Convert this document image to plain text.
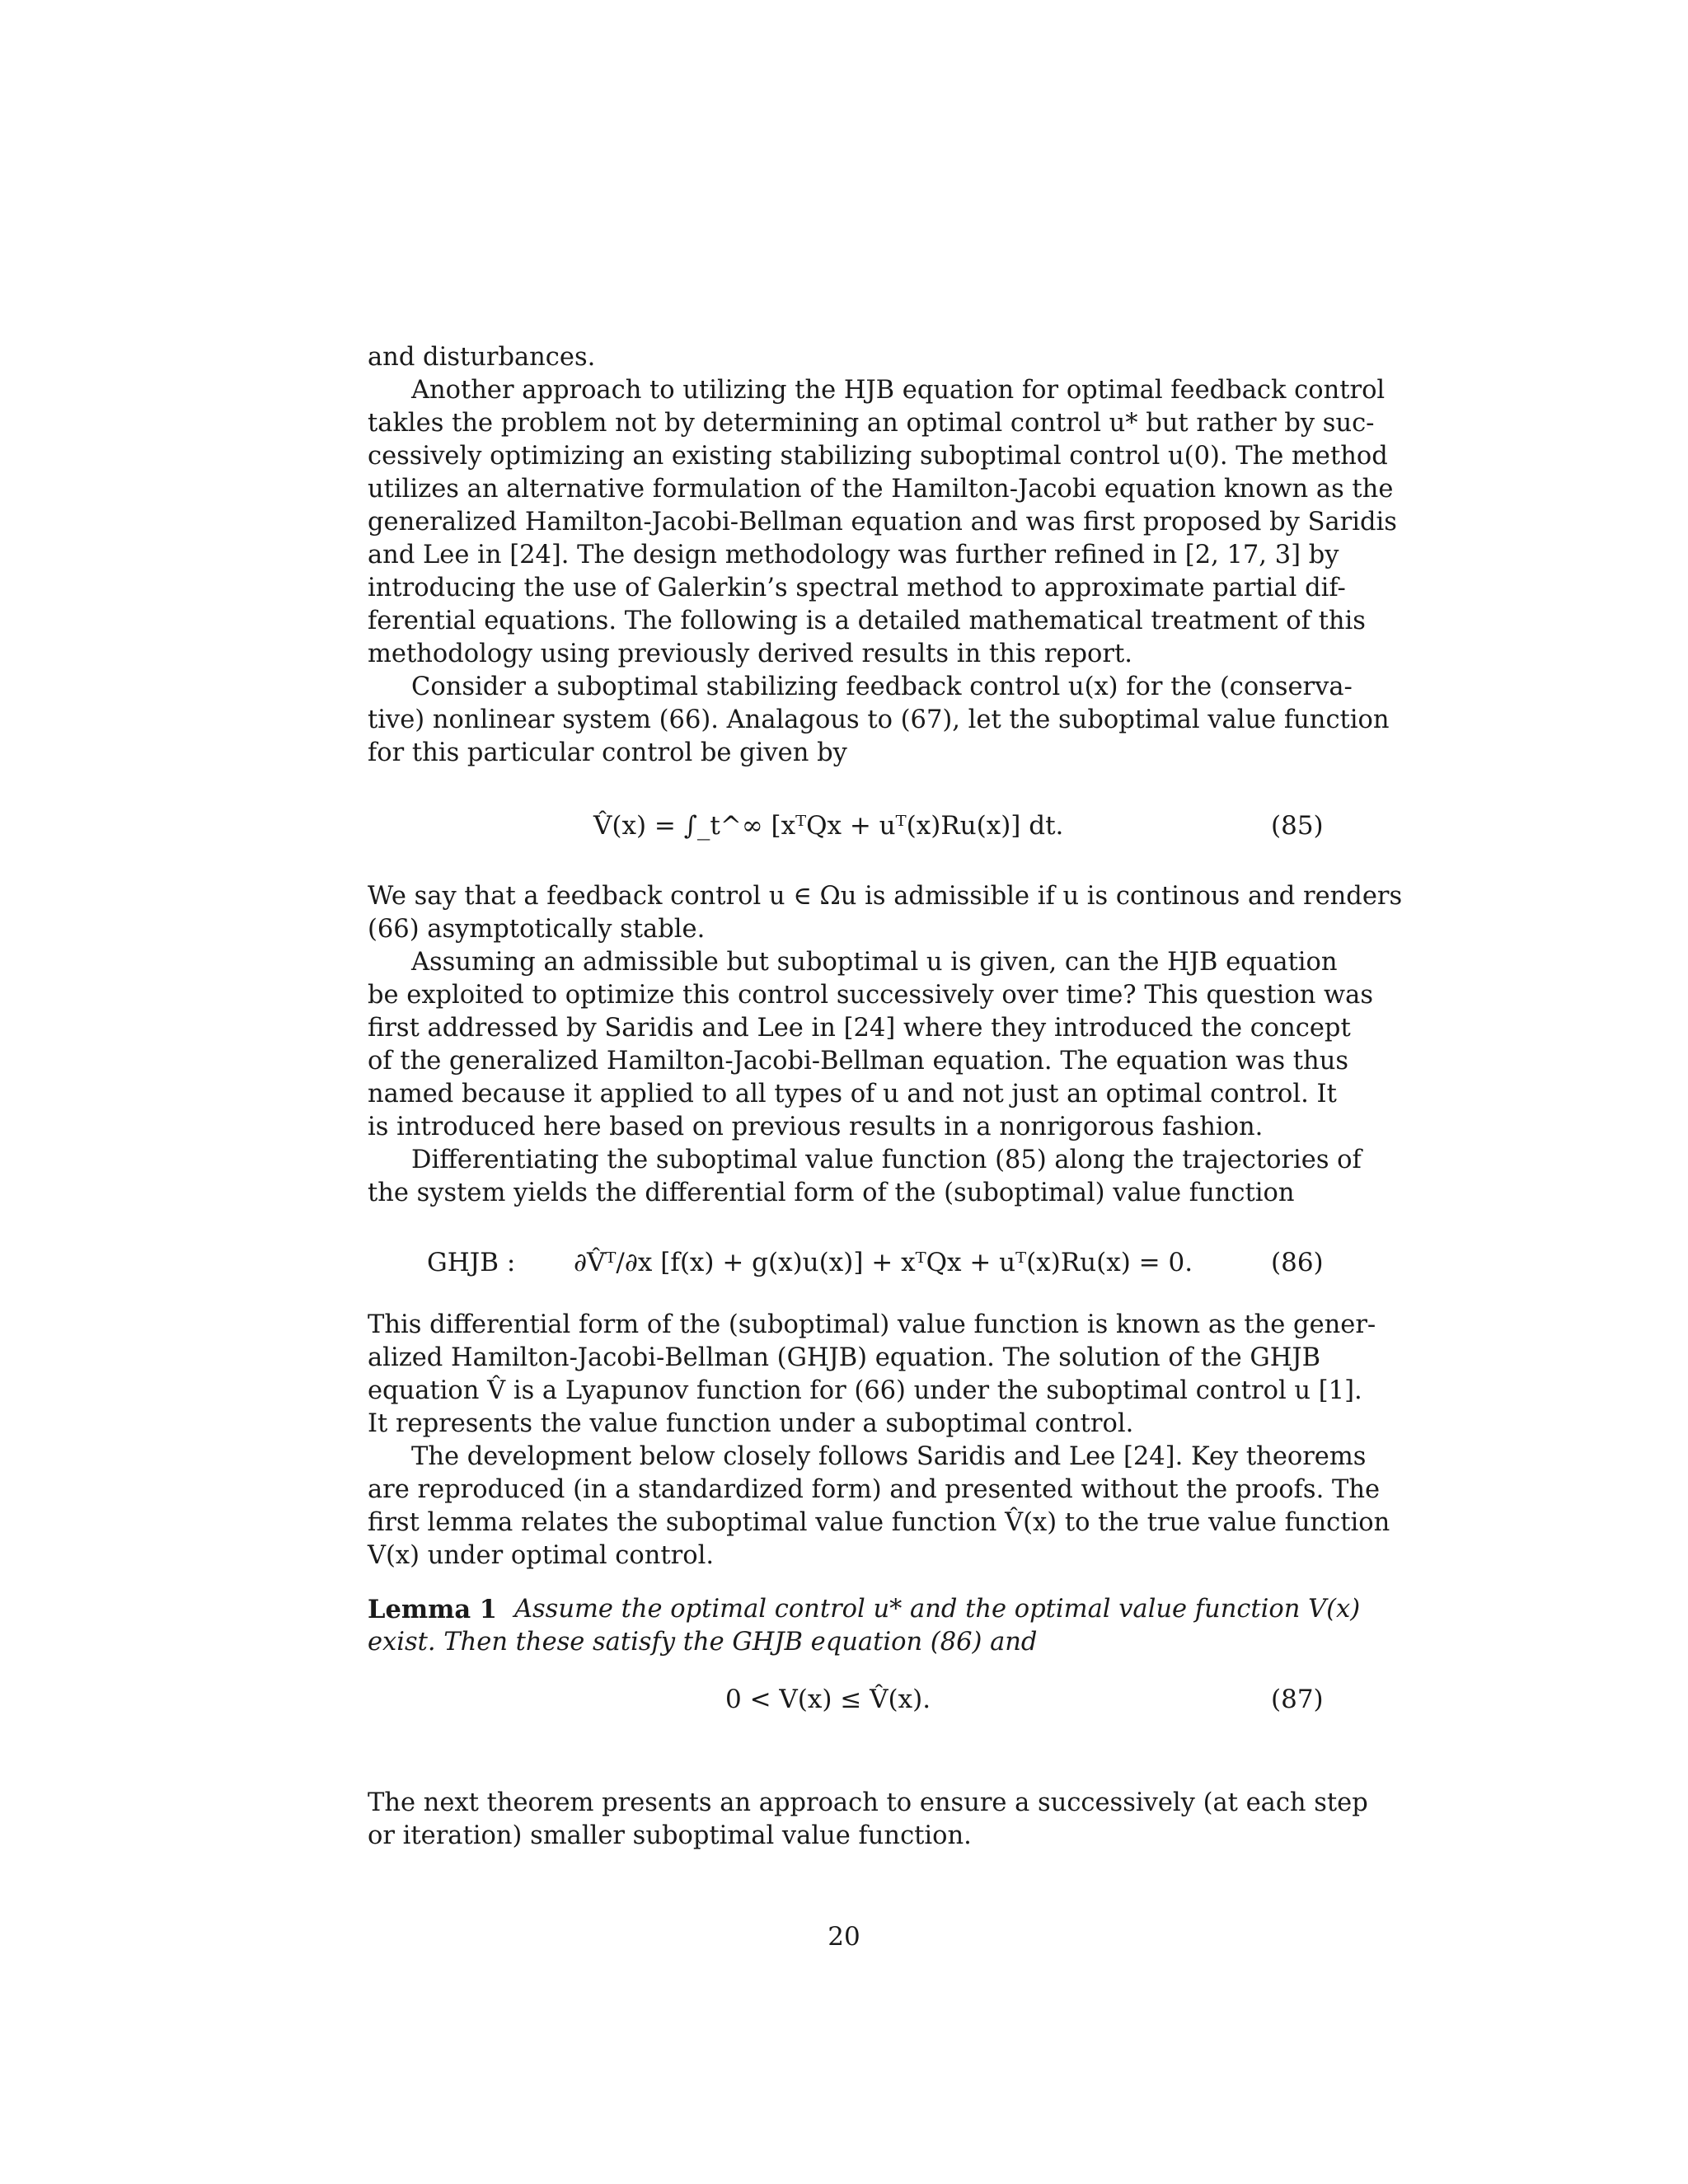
and disturbances.
Another approach to utilizing the HJB equation for optimal feedback control
takles the problem not by determining an optimal control u* but rather by suc-
cessively optimizing an existing stabilizing suboptimal control u(0). The method
utilizes an alternative formulation of the Hamilton-Jacobi equation known as the
generalized Hamilton-Jacobi-Bellman equation and was first proposed by Saridis
and Lee in [24]. The design methodology was further refined in [2, 17, 3] by
introducing the use of Galerkin’s spectral method to approximate partial dif-
ferential equations. The following is a detailed mathematical treatment of this
methodology using previously derived results in this report.
Consider a suboptimal stabilizing feedback control u(x) for the (conserva-
tive) nonlinear system (66). Analagous to (67), let the suboptimal value function
for this particular control be given by
V̂(x) = ∫_t^∞ [xᵀQx + uᵀ(x)Ru(x)] dt.	(85)
We say that a feedback control u ∈ Ωu is admissible if u is continous and renders
(66) asymptotically stable.
Assuming an admissible but suboptimal u is given, can the HJB equation
be exploited to optimize this control successively over time? This question was
first addressed by Saridis and Lee in [24] where they introduced the concept
of the generalized Hamilton-Jacobi-Bellman equation. The equation was thus
named because it applied to all types of u and not just an optimal control. It
is introduced here based on previous results in a nonrigorous fashion.
Differentiating the suboptimal value function (85) along the trajectories of
the system yields the differential form of the (suboptimal) value function
GHJB : ∂V̂ᵀ/∂x [f(x) + g(x)u(x)] + xᵀQx + uᵀ(x)Ru(x) = 0.	(86)
This differential form of the (suboptimal) value function is known as the gener-
alized Hamilton-Jacobi-Bellman (GHJB) equation. The solution of the GHJB
equation V̂ is a Lyapunov function for (66) under the suboptimal control u [1].
It represents the value function under a suboptimal control.
The development below closely follows Saridis and Lee [24]. Key theorems
are reproduced (in a standardized form) and presented without the proofs. The
first lemma relates the suboptimal value function V̂(x) to the true value function
V(x) under optimal control.
Lemma 1 Assume the optimal control u* and the optimal value function V(x)
exist. Then these satisfy the GHJB equation (86) and
0 < V(x) ≤ V̂(x).	(87)
The next theorem presents an approach to ensure a successively (at each step
or iteration) smaller suboptimal value function.
20
